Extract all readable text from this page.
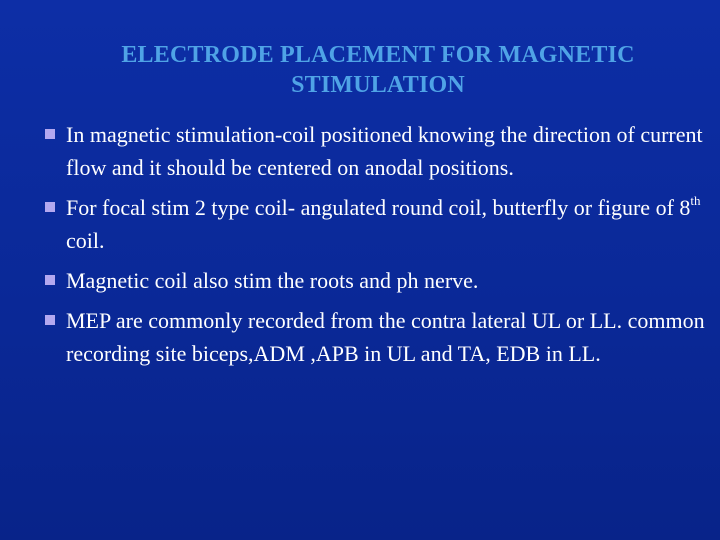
ELECTRODE PLACEMENT FOR MAGNETIC
STIMULATION
In magnetic stimulation-coil positioned knowing the direction of current flow and it should be centered on anodal positions.
For focal stim 2 type coil- angulated round coil, butterfly or figure of 8th coil.
Magnetic coil also stim the roots and ph nerve.
MEP are commonly recorded from the contra lateral UL or LL. common recording site biceps,ADM ,APB in UL and TA, EDB in LL.
